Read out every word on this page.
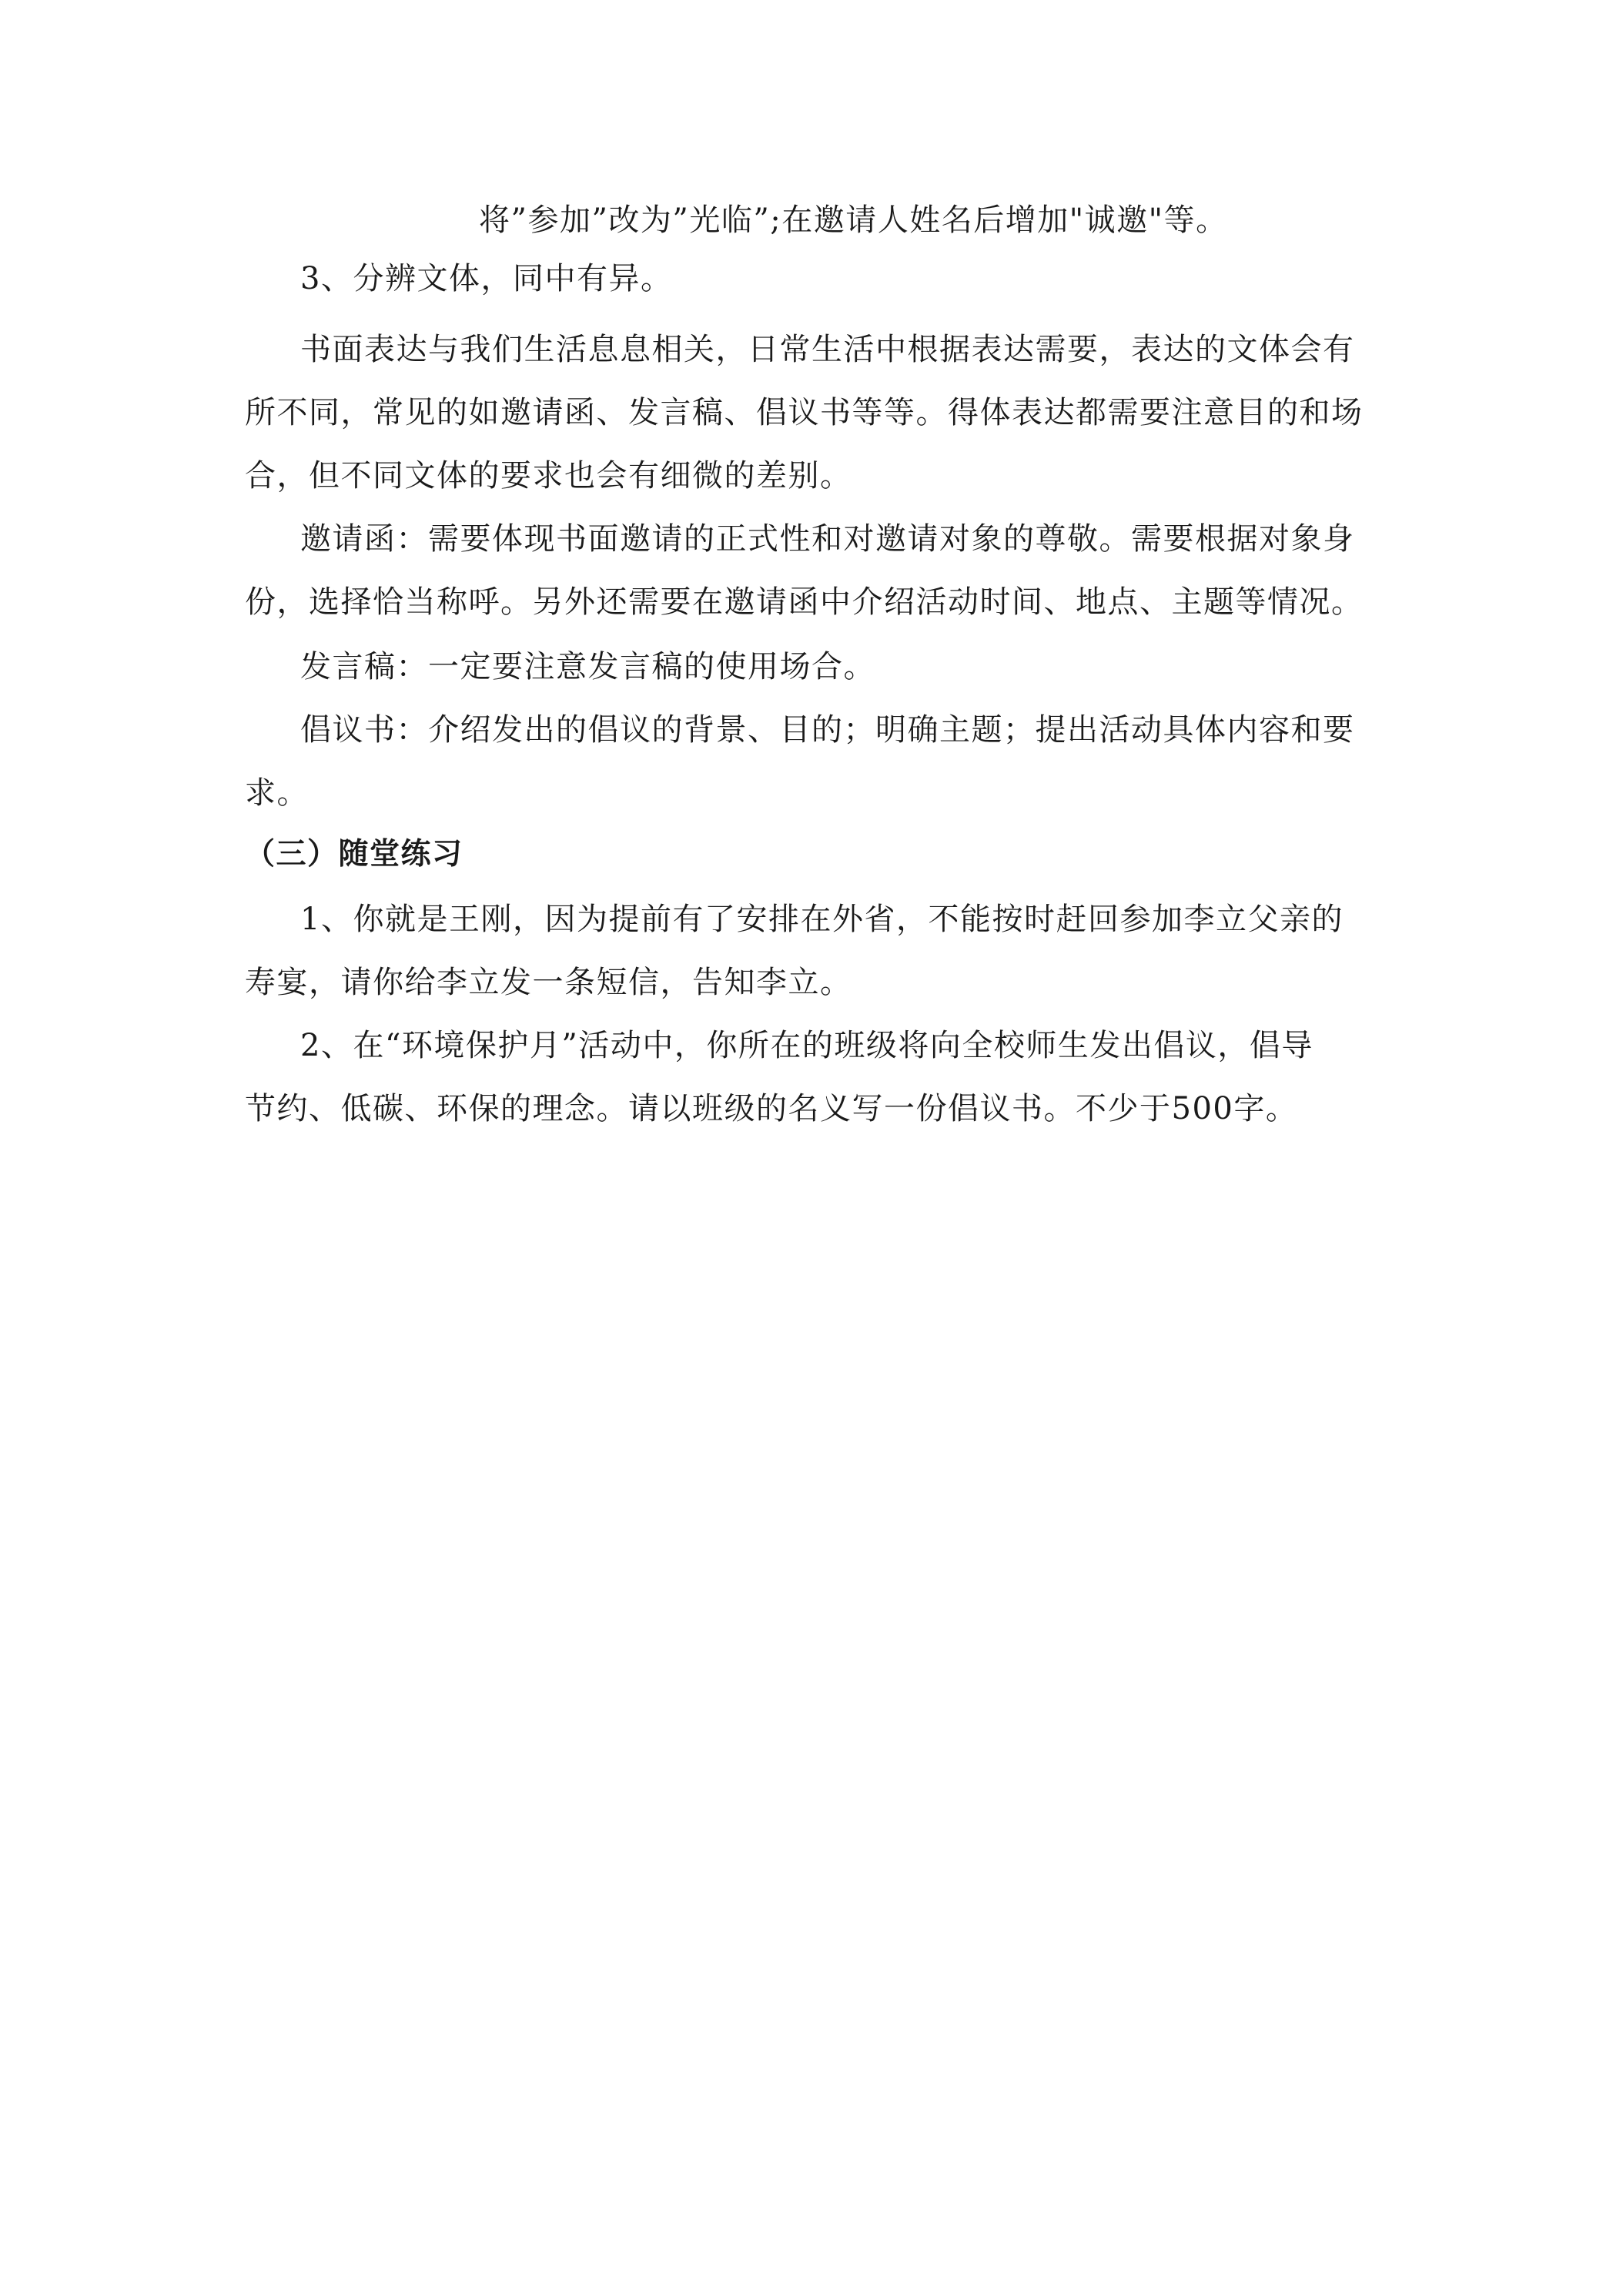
将”参加”改为”光临”;在邀请人姓名后增加"诚邀"等。
3、分辨文体，同中有异。
书面表达与我们生活息息相关，日常生活中根据表达需要，表达的文体会有
所不同，常见的如邀请函、发言稿、倡议书等等。得体表达都需要注意目的和场
合，但不同文体的要求也会有细微的差别。
邀请函：需要体现书面邀请的正式性和对邀请对象的尊敬。需要根据对象身
份，选择恰当称呼。另外还需要在邀请函中介绍活动时间、地点、主题等情况。
发言稿：一定要注意发言稿的使用场合。
倡议书：介绍发出的倡议的背景、目的；明确主题；提出活动具体内容和要
求。
（三）随堂练习
1、你就是王刚，因为提前有了安排在外省，不能按时赶回参加李立父亲的
寿宴，请你给李立发一条短信，告知李立。
2、在“环境保护月”活动中，你所在的班级将向全校师生发出倡议，倡导
节约、低碳、环保的理念。请以班级的名义写一份倡议书。不少于500字。
